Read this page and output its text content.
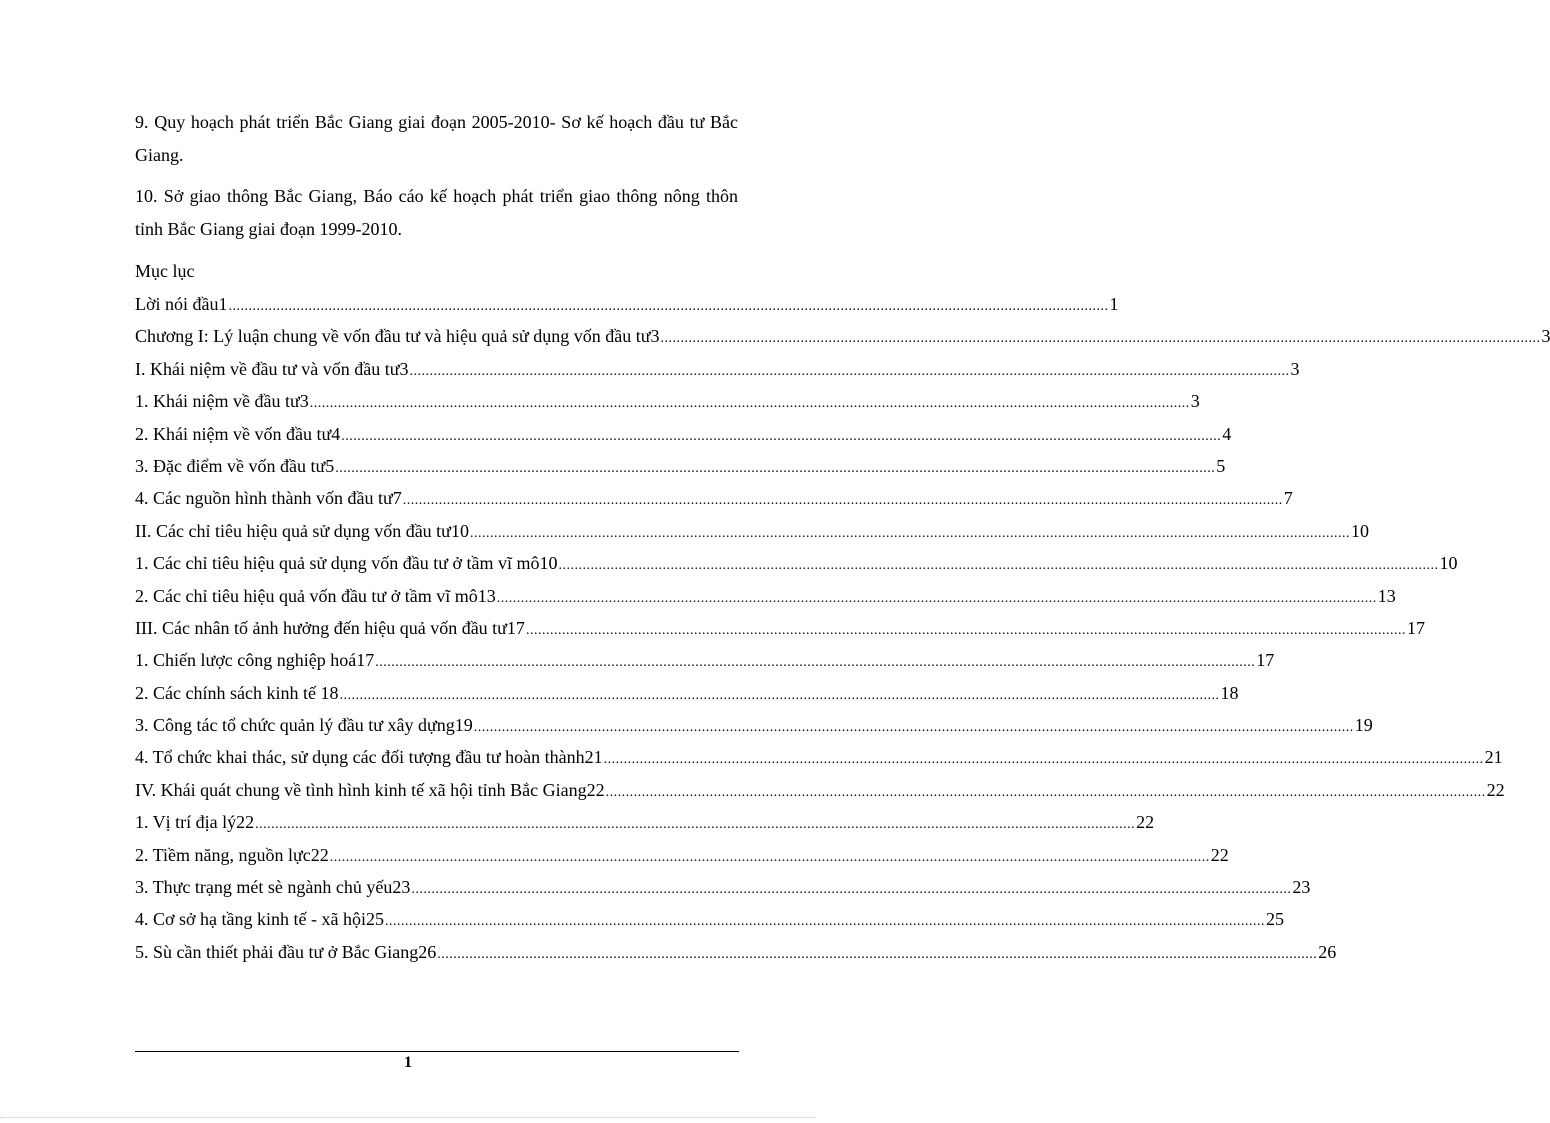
9. Quy hoạch phát triển Bắc Giang giai đoạn 2005-2010- Sơ kế hoạch đầu tư Bắc Giang.

10. Sở giao thông Bắc Giang, Báo cáo kế hoạch phát triển giao thông nông thôn tỉnh Bắc Giang giai đoạn 1999-2010.

Mục lục
Lời nói đầu1 ............................................................................................................................................................................................................................ 1
Chương I: Lý luận chung về vốn đầu tư và hiệu quả sử dụng vốn đầu tư3 ............................................................................................................................................................................................................................ 3
I. Khái niệm về đầu tư và vốn đầu tư3 ............................................................................................................................................................................................................................ 3
1. Khái niệm về đầu tư3 ............................................................................................................................................................................................................................ 3
2. Khái niệm về vốn đầu tư4 ............................................................................................................................................................................................................................ 4
3. Đặc điểm về vốn đầu tư5 ............................................................................................................................................................................................................................ 5
4. Các nguồn hình thành vốn đầu tư7 ............................................................................................................................................................................................................................ 7
II. Các chỉ tiêu hiệu quả sử dụng vốn đầu tư10 ............................................................................................................................................................................................................................ 10
1. Các chỉ tiêu hiệu quả sử dụng vốn đầu tư ở tầm vĩ mô10 ............................................................................................................................................................................................................................ 10
2. Các chỉ tiêu hiệu quả vốn đầu tư ở tầm vĩ mô13 ............................................................................................................................................................................................................................ 13
III. Các nhân tố ảnh hưởng đến hiệu quả vốn đầu tư17 ............................................................................................................................................................................................................................ 17
1. Chiến lược công nghiệp hoá17 ............................................................................................................................................................................................................................ 17
2. Các chính sách kinh tế 18 ............................................................................................................................................................................................................................ 18
3. Công tác tổ chức quản lý đầu tư xây dựng19 ............................................................................................................................................................................................................................ 19
4. Tổ chức khai thác, sử dụng các đối tượng đầu tư hoàn thành21 ............................................................................................................................................................................................................................ 21
IV. Khái quát chung về tình hình kinh tế xã hội tỉnh Bắc Giang22 ............................................................................................................................................................................................................................ 22
1. Vị trí địa lý22 ............................................................................................................................................................................................................................ 22
2. Tiềm năng, nguồn lực22 ............................................................................................................................................................................................................................ 22
3. Thực trạng mét sè ngành chủ yếu23 ............................................................................................................................................................................................................................ 23
4. Cơ sở hạ tầng kinh tế - xã hội25 ............................................................................................................................................................................................................................ 25
5. Sù cần thiết phải đầu tư ở Bắc Giang26 ............................................................................................................................................................................................................................ 26
1
